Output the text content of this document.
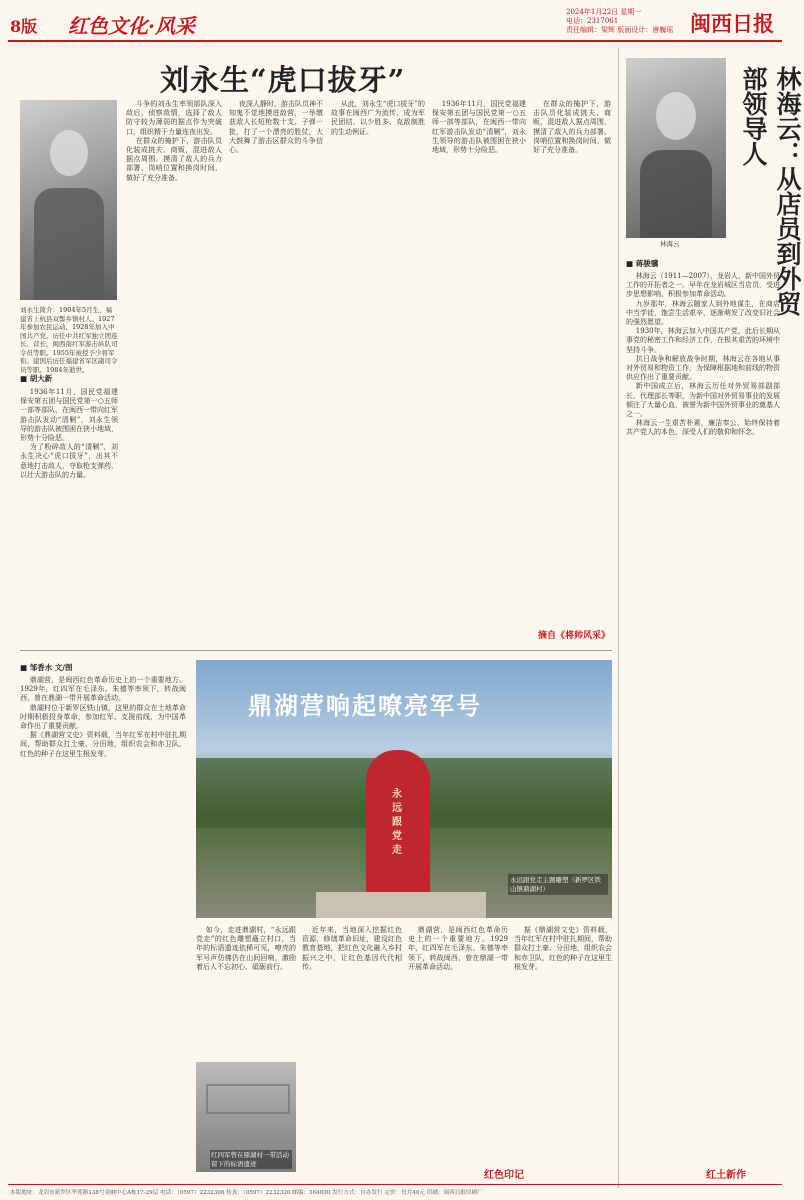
8版 红色文化·风采
2024年1月22日 星期一
电话：2317061
责任编辑：梁辉 版面设计：唐巍瑶 闽西日报
刘永生“虎口拔牙”
刘永生简介：1904年5月生，福建省上杭县双髻乡镇村人。1927年参加农民运动，1928年加入中国共产党。历任中共红军独立团连长、营长，闽西南红军游击纵队司令员等职。1955年被授予少将军衔。建国后历任福建省军区副司令员等职。1984年逝世。
■ 胡大新

1936年11月，国民党福建保安第五团与国民党第一○五师一部等部队，在闽西一带向红军游击队发动“清剿”，刘永生领导的游击队被围困在狭小地域，形势十分险恶。

为了粉碎敌人的“清剿”，刘永生决心“虎口拔牙”，出其不意地打击敌人，夺取枪支弹药，以壮大游击队的力量。

斗争的刘永生率领部队深入敌后，侦察敌情，选择了敌人防守较为薄弱的据点作为突破口，组织精干力量连夜出发。

在群众的掩护下，游击队员化装成挑夫、商贩，混进敌人据点周围，摸清了敌人的兵力部署、岗哨位置和换岗时间，做好了充分准备。

夜深人静时，游击队员神不知鬼不觉地摸进敌营，一举缴获敌人长短枪数十支、子弹一批，打了一个漂亮的胜仗，大大鼓舞了游击区群众的斗争信心。

从此，刘永生“虎口拔牙”的故事在闽西广为流传，成为军民团结、以少胜多、克敌制胜的生动例证。

1936年11月，国民党福建保安第五团与国民党第一○五师一部等部队，在闽西一带向红军游击队发动“清剿”，刘永生领导的游击队被围困在狭小地域，形势十分险恶。

在群众的掩护下，游击队员化装成挑夫、商贩，混进敌人据点周围，摸清了敌人的兵力部署、岗哨位置和换岗时间，做好了充分准备。

摘自《将帅风采》
■ 邹香水 文/图

鼎湖营，是闽西红色革命历史上的一个重要地方。1929年，红四军在毛泽东、朱德等率领下，转战闽西，曾在鼎湖一带开展革命活动。

鼎湖村位于新罗区铁山镇，这里的群众在土地革命时期积极投身革命，参加红军、支援前线，为中国革命作出了重要贡献。

据《鼎湖营文史》资料载，当年红军在村中驻扎期间，帮助群众打土豪、分田地，组织农会和赤卫队，红色的种子在这里生根发芽。

永远跟党走
鼎湖营响起嘹亮军号
永远跟党走主题雕塑（新罗区铁山镇鼎湖村）

如今，走进鼎湖村，“永远跟党走”的红色雕塑矗立村口，当年的标语遗迹依稀可见，嘹亮的军号声仿佛仍在山间回响，激励着后人不忘初心、砥砺前行。

近年来，当地深入挖掘红色资源，修缮革命旧址，建设红色教育基地，把红色文化融入乡村振兴之中，让红色基因代代相传。

鼎湖营，是闽西红色革命历史上的一个重要地方。1929年，红四军在毛泽东、朱德等率领下，转战闽西，曾在鼎湖一带开展革命活动。

据《鼎湖营文史》资料载，当年红军在村中驻扎期间，帮助群众打土豪、分田地，组织农会和赤卫队，红色的种子在这里生根发芽。

红色印记
红四军曾在鼎湖村一带活动留下的标语遗迹
林海云	林海云：从店员到外贸部领导人
■ 蒋骏骥

林海云（1911—2007），龙岩人，新中国外贸工作的开拓者之一。早年在龙岩城区当店员，受进步思想影响，积极参加革命活动。

九岁那年，林海云随家人到外地谋生，在商店中当学徒，饱尝生活艰辛，逐渐萌发了改变旧社会的强烈愿望。

1930年，林海云加入中国共产党，此后长期从事党的秘密工作和经济工作，在极其艰苦的环境中坚持斗争。

抗日战争和解放战争时期，林海云在各地从事对外贸易和物资工作，为保障根据地和前线的物资供应作出了重要贡献。

新中国成立后，林海云历任对外贸易部副部长、代理部长等职，为新中国对外贸易事业的发展倾注了大量心血，被誉为新中国外贸事业的奠基人之一。

林海云一生艰苦朴素，廉洁奉公，始终保持着共产党人的本色，深受人们的敬仰和怀念。

红土新作
本版地址：龙岩市新罗区华莲路138号金融中心A栋17-29层 电话：（0597）2232306 传真：（0597）2232320 邮编：364000 发行方式：自办发行 定价：每月40元 印刷：闽西日报印刷厂
